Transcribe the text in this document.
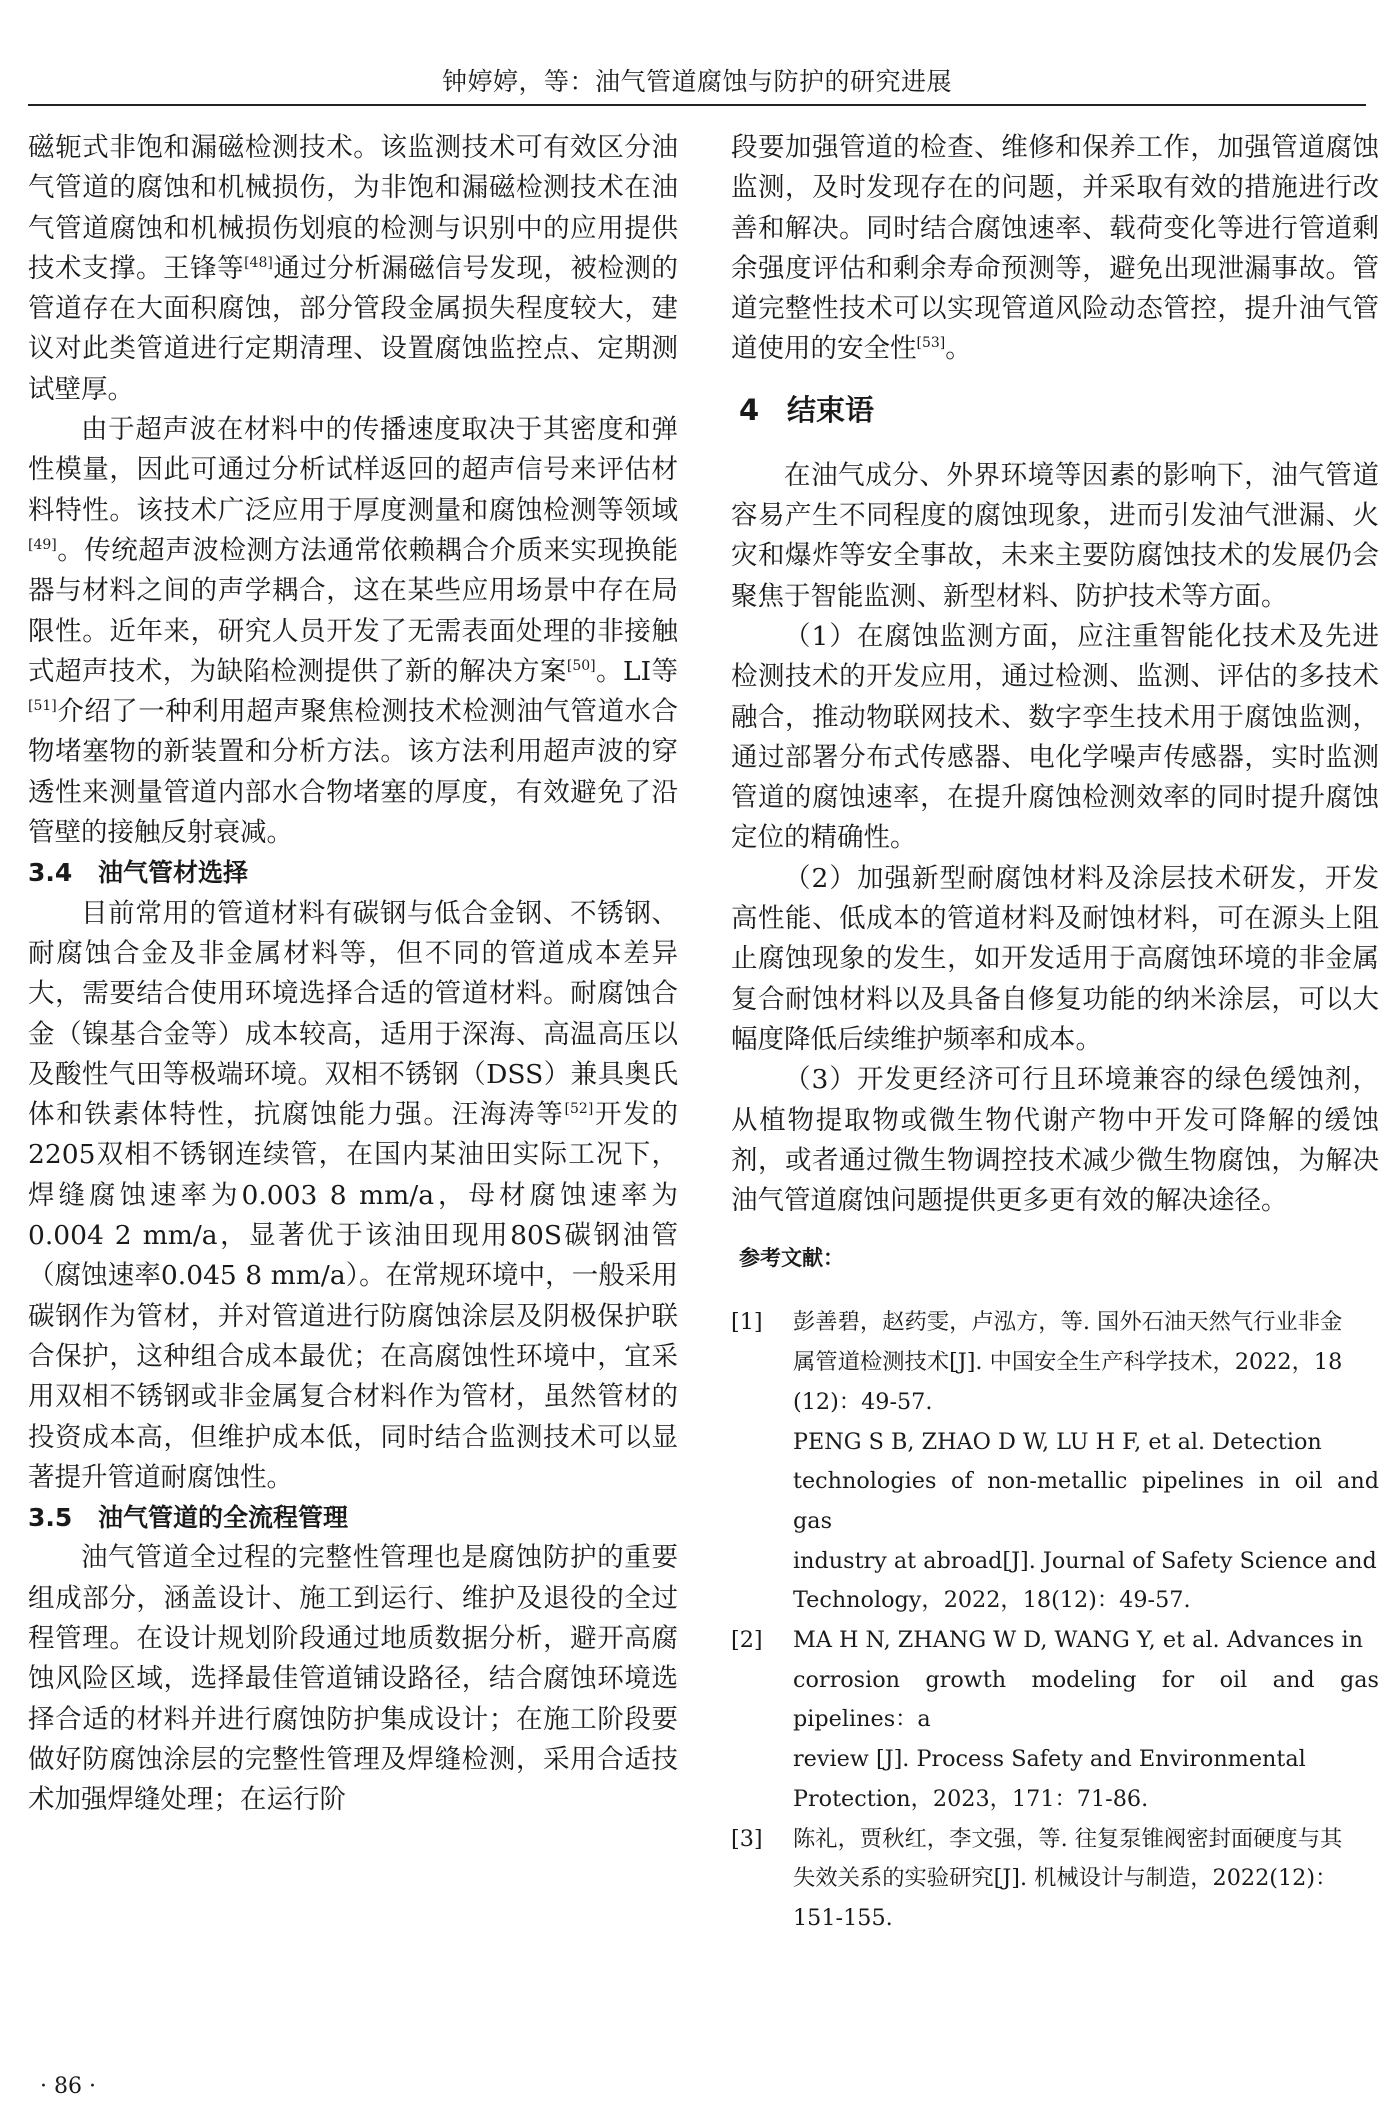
钟婷婷，等：油气管道腐蚀与防护的研究进展

磁轭式非饱和漏磁检测技术。该监测技术可有效区分油气管道的腐蚀和机械损伤，为非饱和漏磁检测技术在油气管道腐蚀和机械损伤划痕的检测与识别中的应用提供技术支撑。王锋等[48]通过分析漏磁信号发现，被检测的管道存在大面积腐蚀，部分管段金属损失程度较大，建议对此类管道进行定期清理、设置腐蚀监控点、定期测试壁厚。

由于超声波在材料中的传播速度取决于其密度和弹性模量，因此可通过分析试样返回的超声信号来评估材料特性。该技术广泛应用于厚度测量和腐蚀检测等领域[49]。传统超声波检测方法通常依赖耦合介质来实现换能器与材料之间的声学耦合，这在某些应用场景中存在局限性。近年来，研究人员开发了无需表面处理的非接触式超声技术，为缺陷检测提供了新的解决方案[50]。LI等[51]介绍了一种利用超声聚焦检测技术检测油气管道水合物堵塞物的新装置和分析方法。该方法利用超声波的穿透性来测量管道内部水合物堵塞的厚度，有效避免了沿管壁的接触反射衰减。

3.4 油气管材选择

目前常用的管道材料有碳钢与低合金钢、不锈钢、耐腐蚀合金及非金属材料等，但不同的管道成本差异大，需要结合使用环境选择合适的管道材料。耐腐蚀合金（镍基合金等）成本较高，适用于深海、高温高压以及酸性气田等极端环境。双相不锈钢（DSS）兼具奥氏体和铁素体特性，抗腐蚀能力强。汪海涛等[52]开发的2205双相不锈钢连续管，在国内某油田实际工况下，焊缝腐蚀速率为0.003 8 mm/a，母材腐蚀速率为0.004 2 mm/a，显著优于该油田现用80S碳钢油管（腐蚀速率0.045 8 mm/a）。在常规环境中，一般采用碳钢作为管材，并对管道进行防腐蚀涂层及阴极保护联合保护，这种组合成本最优；在高腐蚀性环境中，宜采用双相不锈钢或非金属复合材料作为管材，虽然管材的投资成本高，但维护成本低，同时结合监测技术可以显著提升管道耐腐蚀性。

3.5 油气管道的全流程管理

油气管道全过程的完整性管理也是腐蚀防护的重要组成部分，涵盖设计、施工到运行、维护及退役的全过程管理。在设计规划阶段通过地质数据分析，避开高腐蚀风险区域，选择最佳管道铺设路径，结合腐蚀环境选择合适的材料并进行腐蚀防护集成设计；在施工阶段要做好防腐蚀涂层的完整性管理及焊缝检测，采用合适技术加强焊缝处理；在运行阶

段要加强管道的检查、维修和保养工作，加强管道腐蚀监测，及时发现存在的问题，并采取有效的措施进行改善和解决。同时结合腐蚀速率、载荷变化等进行管道剩余强度评估和剩余寿命预测等，避免出现泄漏事故。管道完整性技术可以实现管道风险动态管控，提升油气管道使用的安全性[53]。

4 结束语

在油气成分、外界环境等因素的影响下，油气管道容易产生不同程度的腐蚀现象，进而引发油气泄漏、火灾和爆炸等安全事故，未来主要防腐蚀技术的发展仍会聚焦于智能监测、新型材料、防护技术等方面。

（1）在腐蚀监测方面，应注重智能化技术及先进检测技术的开发应用，通过检测、监测、评估的多技术融合，推动物联网技术、数字孪生技术用于腐蚀监测，通过部署分布式传感器、电化学噪声传感器，实时监测管道的腐蚀速率，在提升腐蚀检测效率的同时提升腐蚀定位的精确性。

（2）加强新型耐腐蚀材料及涂层技术研发，开发高性能、低成本的管道材料及耐蚀材料，可在源头上阻止腐蚀现象的发生，如开发适用于高腐蚀环境的非金属复合耐蚀材料以及具备自修复功能的纳米涂层，可以大幅度降低后续维护频率和成本。

（3）开发更经济可行且环境兼容的绿色缓蚀剂，从植物提取物或微生物代谢产物中开发可降解的缓蚀剂，或者通过微生物调控技术减少微生物腐蚀，为解决油气管道腐蚀问题提供更多更有效的解决途径。

参考文献：
[1] 彭善碧，赵药雯，卢泓方，等. 国外石油天然气行业非金
属管道检测技术[J]. 中国安全生产科学技术，2022，18
(12)：49-57.
PENG S B, ZHAO D W, LU H F, et al. Detection
technologies of non-metallic pipelines in oil and gas
industry at abroad[J]. Journal of Safety Science and
Technology，2022，18(12)：49-57.
[2] MA H N, ZHANG W D, WANG Y, et al. Advances in
corrosion growth modeling for oil and gas pipelines：a
review [J]. Process Safety and Environmental
Protection，2023，171：71-86.
[3] 陈礼，贾秋红，李文强，等. 往复泵锥阀密封面硬度与其
失效关系的实验研究[J]. 机械设计与制造，2022(12)：
151-155.
· 86 ·
